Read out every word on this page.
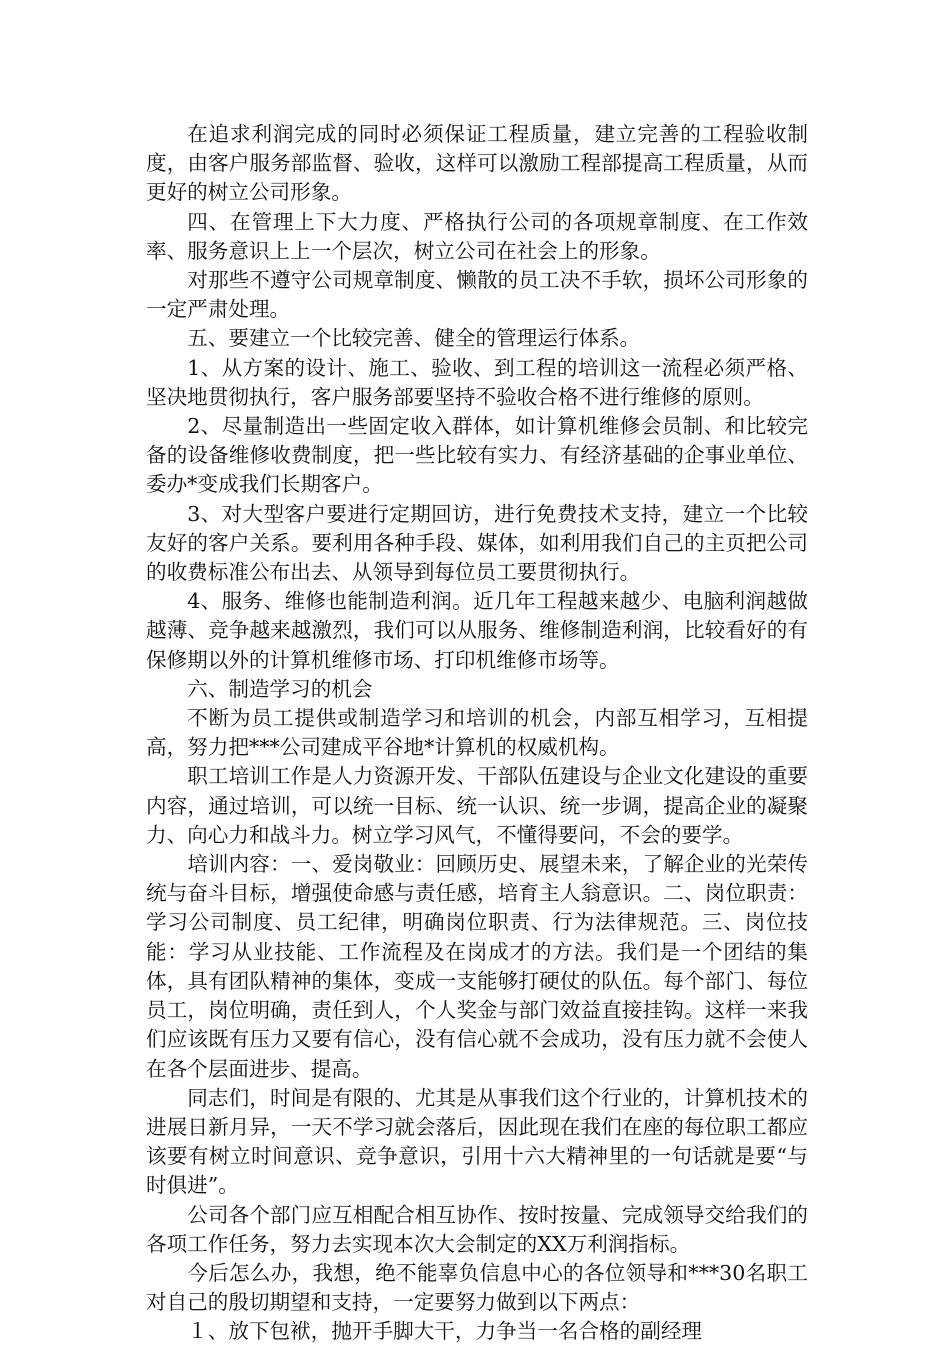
在追求利润完成的同时必须保证工程质量，建立完善的工程验收制度，由客户服务部监督、验收，这样可以激励工程部提高工程质量，从而更好的树立公司形象。

四、在管理上下大力度、严格执行公司的各项规章制度、在工作效率、服务意识上上一个层次，树立公司在社会上的形象。

对那些不遵守公司规章制度、懒散的员工决不手软，损坏公司形象的一定严肃处理。

五、要建立一个比较完善、健全的管理运行体系。

1、从方案的设计、施工、验收、到工程的培训这一流程必须严格、坚决地贯彻执行，客户服务部要坚持不验收合格不进行维修的原则。

2、尽量制造出一些固定收入群体，如计算机维修会员制、和比较完备的设备维修收费制度，把一些比较有实力、有经济基础的企事业单位、委办*变成我们长期客户。

3、对大型客户要进行定期回访，进行免费技术支持，建立一个比较友好的客户关系。要利用各种手段、媒体，如利用我们自己的主页把公司的收费标准公布出去、从领导到每位员工要贯彻执行。

4、服务、维修也能制造利润。近几年工程越来越少、电脑利润越做越薄、竞争越来越激烈，我们可以从服务、维修制造利润，比较看好的有保修期以外的计算机维修市场、打印机维修市场等。

六、制造学习的机会

不断为员工提供或制造学习和培训的机会，内部互相学习，互相提高，努力把***公司建成平谷地*计算机的权威机构。

职工培训工作是人力资源开发、干部队伍建设与企业文化建设的重要内容，通过培训，可以统一目标、统一认识、统一步调，提高企业的凝聚力、向心力和战斗力。树立学习风气，不懂得要问，不会的要学。

培训内容：一、爱岗敬业：回顾历史、展望未来，了解企业的光荣传统与奋斗目标，增强使命感与责任感，培育主人翁意识。二、岗位职责：学习公司制度、员工纪律，明确岗位职责、行为法律规范。三、岗位技能：学习从业技能、工作流程及在岗成才的方法。我们是一个团结的集体，具有团队精神的集体，变成一支能够打硬仗的队伍。每个部门、每位员工，岗位明确，责任到人，个人奖金与部门效益直接挂钩。这样一来我们应该既有压力又要有信心，没有信心就不会成功，没有压力就不会使人在各个层面进步、提高。

同志们，时间是有限的、尤其是从事我们这个行业的，计算机技术的进展日新月异，一天不学习就会落后，因此现在我们在座的每位职工都应该要有树立时间意识、竞争意识，引用十六大精神里的一句话就是要“与时俱进”。

公司各个部门应互相配合相互协作、按时按量、完成领导交给我们的各项工作任务，努力去实现本次大会制定的XX万利润指标。

今后怎么办，我想，绝不能辜负信息中心的各位领导和***30名职工对自己的殷切期望和支持，一定要努力做到以下两点：

１、放下包袱，抛开手脚大干，力争当一名合格的副经理
